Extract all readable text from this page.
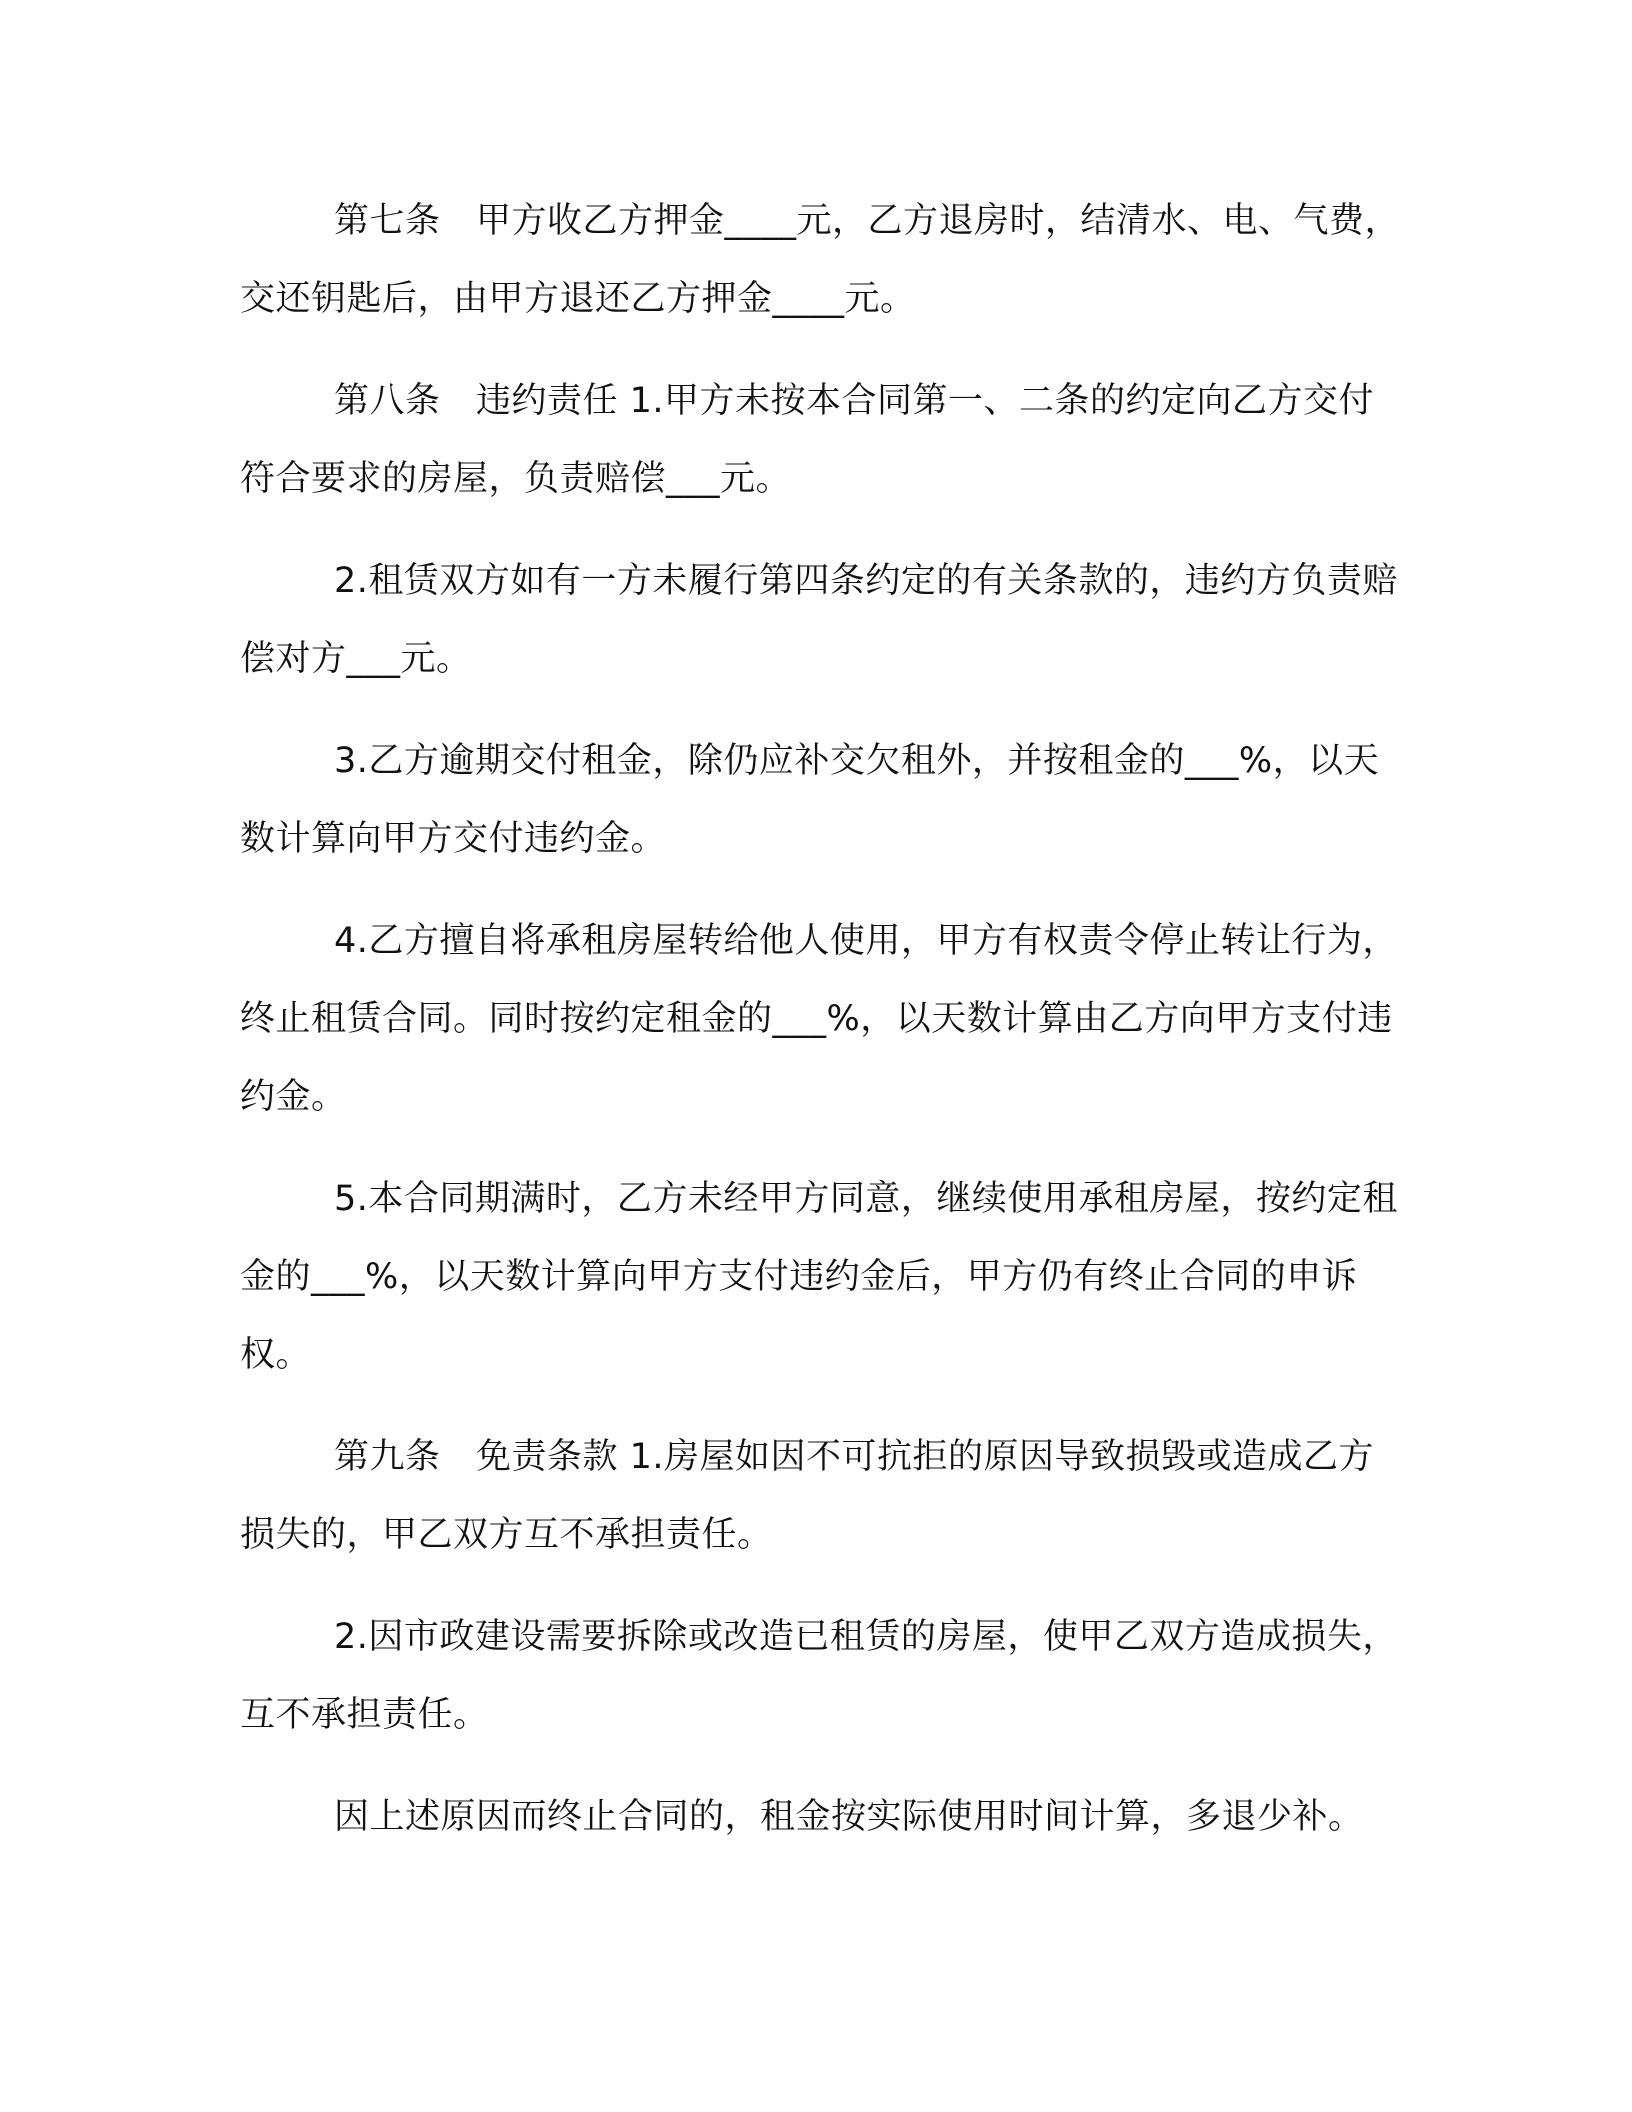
第七条　甲方收乙方押金____元，乙方退房时，结清水、电、气费，交还钥匙后，由甲方退还乙方押金____元。

第八条　违约责任 1.甲方未按本合同第一、二条的约定向乙方交付符合要求的房屋，负责赔偿___元。

2.租赁双方如有一方未履行第四条约定的有关条款的，违约方负责赔偿对方___元。

3.乙方逾期交付租金，除仍应补交欠租外，并按租金的___%，以天数计算向甲方交付违约金。

4.乙方擅自将承租房屋转给他人使用，甲方有权责令停止转让行为，终止租赁合同。同时按约定租金的___%，以天数计算由乙方向甲方支付违约金。

5.本合同期满时，乙方未经甲方同意，继续使用承租房屋，按约定租金的___%，以天数计算向甲方支付违约金后，甲方仍有终止合同的申诉权。

第九条　免责条款 1.房屋如因不可抗拒的原因导致损毁或造成乙方损失的，甲乙双方互不承担责任。

2.因市政建设需要拆除或改造已租赁的房屋，使甲乙双方造成损失，互不承担责任。

因上述原因而终止合同的，租金按实际使用时间计算，多退少补。
